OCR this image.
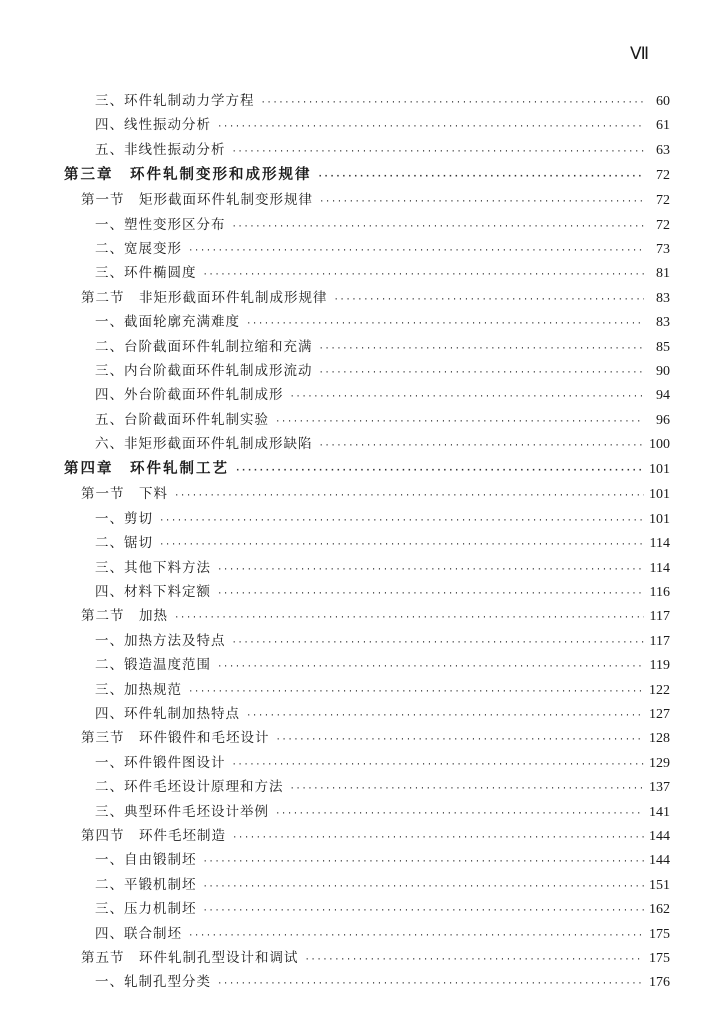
Ⅶ
三、环件轧制动力学方程 ·····	60
四、线性振动分析 ·····	61
五、非线性振动分析 ·····	63
第三章　环件轧制变形和成形规律 ·····	72
第一节　矩形截面环件轧制变形规律 ·····	72
一、塑性变形区分布 ·····	72
二、宽展变形 ·····	73
三、环件椭圆度 ·····	81
第二节　非矩形截面环件轧制成形规律 ·····	83
一、截面轮廓充满难度 ·····	83
二、台阶截面环件轧制拉缩和充满 ·····	85
三、内台阶截面环件轧制成形流动 ·····	90
四、外台阶截面环件轧制成形 ·····	94
五、台阶截面环件轧制实验 ·····	96
六、非矩形截面环件轧制成形缺陷 ·····	100
第四章　环件轧制工艺 ·····	101
第一节　下料 ·····	101
一、剪切 ·····	101
二、锯切 ·····	114
三、其他下料方法 ·····	114
四、材料下料定额 ·····	116
第二节　加热 ·····	117
一、加热方法及特点 ·····	117
二、锻造温度范围 ·····	119
三、加热规范 ·····	122
四、环件轧制加热特点 ·····	127
第三节　环件锻件和毛坯设计 ·····	128
一、环件锻件图设计 ·····	129
二、环件毛坯设计原理和方法 ·····	137
三、典型环件毛坯设计举例 ·····	141
第四节　环件毛坯制造 ·····	144
一、自由锻制坯 ·····	144
二、平锻机制坯 ·····	151
三、压力机制坯 ·····	162
四、联合制坯 ·····	175
第五节　环件轧制孔型设计和调试 ·····	175
一、轧制孔型分类 ·····	176
